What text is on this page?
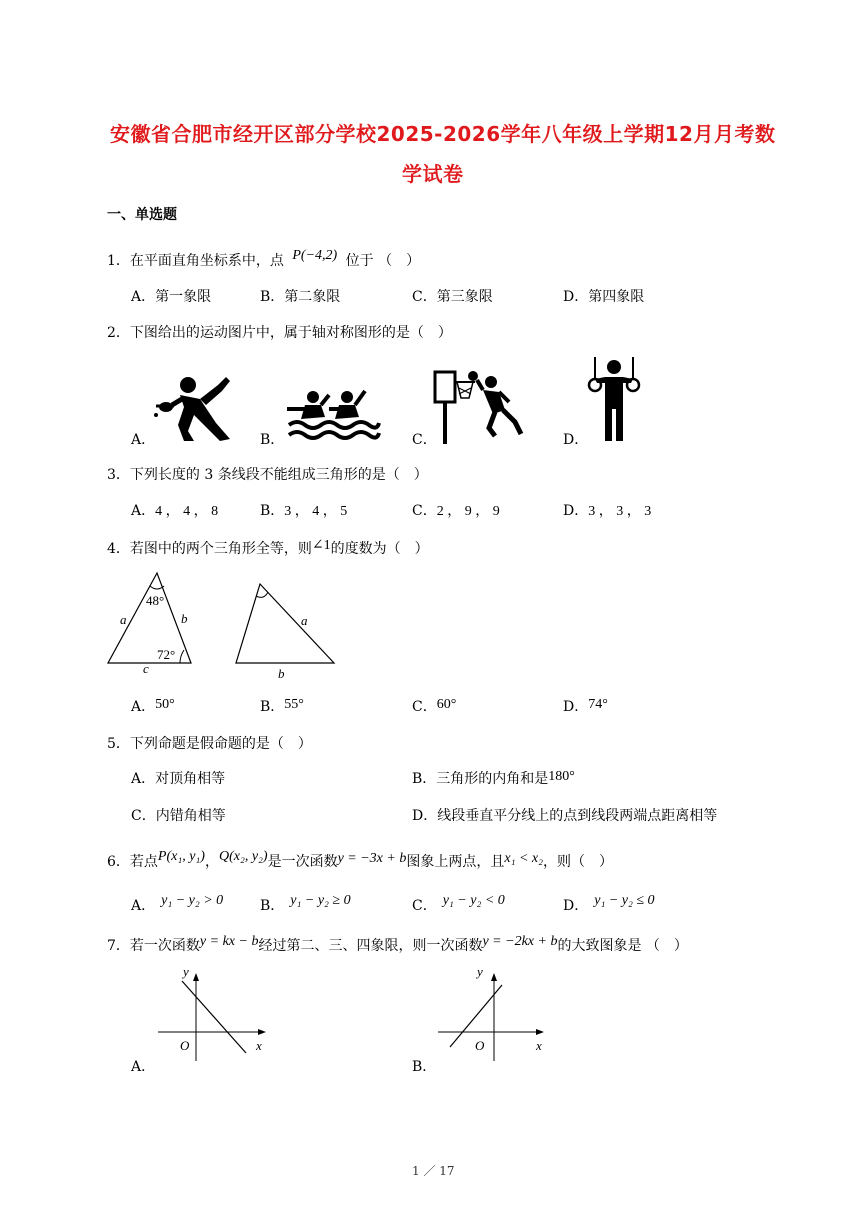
安徽省合肥市经开区部分学校2025-2026学年八年级上学期12月月考数
学试卷
一、单选题
1．在平面直角坐标系中，点 P(−4,2) 位于 （　）
A．第一象限	B．第二象限	C．第三象限	D．第四象限
2．下图给出的运动图片中，属于轴对称图形的是（　）
A．	B．	C．	D．
3．下列长度的 3 条线段不能组成三角形的是（　）
A．4 ， 4 ， 8	B．3 ， 4 ， 5	C．2 ， 9 ， 9	D．3 ， 3 ， 3
4．若图中的两个三角形全等，则∠1的度数为（　）
48°
a	b
72°
c
a
b
A．50°	B．55°	C．60°	D．74°
5．下列命题是假命题的是（　）
A．对顶角相等	B．三角形的内角和是180°
C．内错角相等	D．线段垂直平分线上的点到线段两端点距离相等
6．若点P(x₁, y₁)，Q(x₂, y₂)是一次函数y = −3x + b图象上两点，且x₁ < x₂，则（　）
A． y₁ − y₂ > 0	B． y₁ − y₂ ≥ 0	C． y₁ − y₂ < 0	D． y₁ − y₂ ≤ 0
7．若一次函数y = kx − b经过第二、三、四象限，则一次函数y = −2kx + b的大致图象是 （　）
y
x
O
y
x
O
A．	B．
1 ／ 17
